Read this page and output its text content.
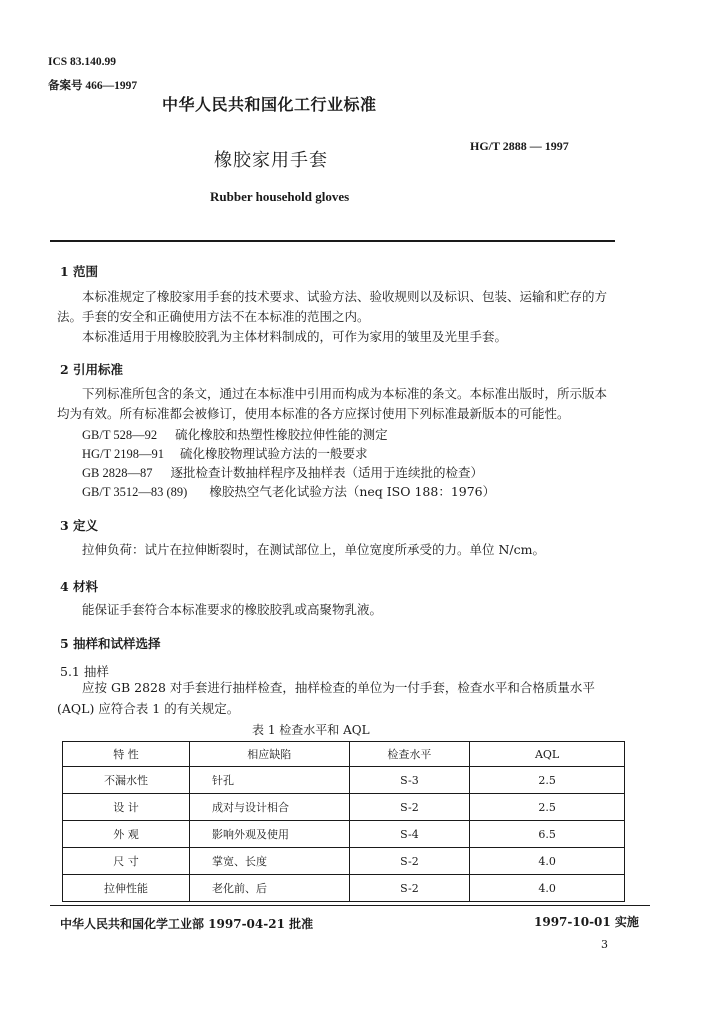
ICS 83.140.99
备案号 466—1997
中华人民共和国化工行业标准
橡胶家用手套
HG/T 2888 — 1997
Rubber household gloves
1 范围
本标准规定了橡胶家用手套的技术要求、试验方法、验收规则以及标识、包装、运输和贮存的方
法。手套的安全和正确使用方法不在本标准的范围之内。
本标准适用于用橡胶胶乳为主体材料制成的，可作为家用的皱里及光里手套。
2 引用标准
下列标准所包含的条文，通过在本标准中引用而构成为本标准的条文。本标准出版时，所示版本
均为有效。所有标准都会被修订，使用本标准的各方应探讨使用下列标准最新版本的可能性。
GB/T 528—92 硫化橡胶和热塑性橡胶拉伸性能的测定
HG/T 2198—91 硫化橡胶物理试验方法的一般要求
GB 2828—87 逐批检查计数抽样程序及抽样表（适用于连续批的检查）
GB/T 3512—83 (89) 橡胶热空气老化试验方法（neq ISO 188：1976）
3 定义
拉伸负荷：试片在拉伸断裂时，在测试部位上，单位宽度所承受的力。单位 N/cm。
4 材料
能保证手套符合本标准要求的橡胶胶乳或高聚物乳液。
5 抽样和试样选择
5.1 抽样
应按 GB 2828 对手套进行抽样检查，抽样检查的单位为一付手套，检查水平和合格质量水平
(AQL) 应符合表 1 的有关规定。
表 1 检查水平和 AQL
特 性	相应缺陷	检查水平	AQL
不漏水性	针孔	S-3	2.5
设 计	成对与设计相合	S-2	2.5
外 观	影响外观及使用	S-4	6.5
尺 寸	掌宽、长度	S-2	4.0
拉伸性能	老化前、后	S-2	4.0
中华人民共和国化学工业部 1997-04-21 批准	1997-10-01 实施
3
